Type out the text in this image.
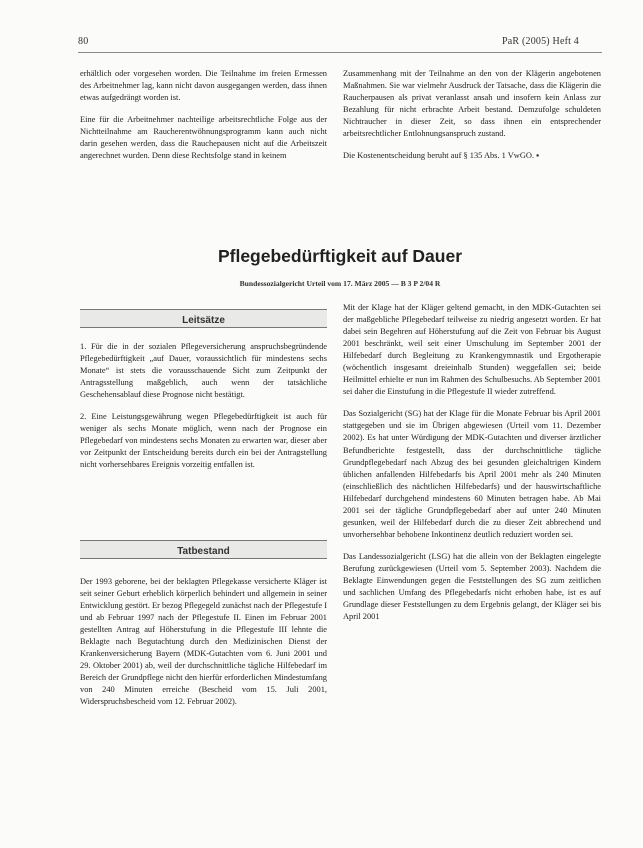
80	PaR (2005) Heft 4

erhältlich oder vorgesehen worden. Die Teilnahme im freien Ermessen des Arbeitnehmer lag, kann nicht davon ausgegangen werden, dass ihnen etwas aufgedrängt worden ist.

Eine für die Arbeitnehmer nachteilige arbeitsrechtliche Folge aus der Nichtteilnahme am Raucherentwöhnungsprogramm kann auch nicht darin gesehen werden, dass die Rauchepausen nicht auf die Arbeitszeit angerechnet wurden. Denn diese Rechtsfolge stand in keinem

Zusammenhang mit der Teilnahme an den von der Klägerin angebotenen Maßnahmen. Sie war vielmehr Ausdruck der Tatsache, dass die Klägerin die Raucherpausen als privat veranlasst ansah und insofern kein Anlass zur Bezahlung für nicht erbrachte Arbeit bestand. Demzufolge schuldeten Nichtraucher in dieser Zeit, so dass ihnen ein entsprechender arbeitsrechtlicher Entlohnungsanspruch zustand.

Die Kostenentscheidung beruht auf § 135 Abs. 1 VwGO. ▪

Pflegebedürftigkeit auf Dauer
Bundessozialgericht Urteil vom 17. März 2005 — B 3 P 2/04 R
Leitsätze

1. Für die in der sozialen Pflegeversicherung anspruchsbegründende Pflegebedürftigkeit „auf Dauer, voraussichtlich für mindestens sechs Monate“ ist stets die vorausschauende Sicht zum Zeitpunkt der Antragsstellung maßgeblich, auch wenn der tatsächliche Geschehensablauf diese Prognose nicht bestätigt.

2. Eine Leistungsgewährung wegen Pflegebedürftigkeit ist auch für weniger als sechs Monate möglich, wenn nach der Prognose ein Pflegebedarf von mindestens sechs Monaten zu erwarten war, dieser aber vor Zeitpunkt der Entscheidung bereits durch ein bei der Antragstellung nicht vorhersehbares Ereignis vorzeitig entfallen ist.

Tatbestand

Der 1993 geborene, bei der beklagten Pflegekasse versicherte Kläger ist seit seiner Geburt erheblich körperlich behindert und allgemein in seiner Entwicklung gestört. Er bezog Pflegegeld zunächst nach der Pflegestufe I und ab Februar 1997 nach der Pflegestufe II. Einen im Februar 2001 gestellten Antrag auf Höherstufung in die Pflegestufe III lehnte die Beklagte nach Begutachtung durch den Medizinischen Dienst der Krankenversicherung Bayern (MDK-Gutachten vom 6. Juni 2001 und 29. Oktober 2001) ab, weil der durchschnittliche tägliche Hilfebedarf im Bereich der Grundpflege nicht den hierfür erforderlichen Mindestumfang von 240 Minuten erreiche (Bescheid vom 15. Juli 2001, Widerspruchsbescheid vom 12. Februar 2002).

Mit der Klage hat der Kläger geltend gemacht, in den MDK-Gutachten sei der maßgebliche Pflegebedarf teilweise zu niedrig angesetzt worden. Er hat dabei sein Begehren auf Höherstufung auf die Zeit von Februar bis August 2001 beschränkt, weil seit einer Umschulung im September 2001 der Hilfebedarf durch Begleitung zu Krankengymnastik und Ergotherapie (wöchentlich insgesamt dreieinhalb Stunden) weggefallen sei; beide Heilmittel erhielte er nun im Rahmen des Schulbesuchs. Ab September 2001 sei daher die Einstufung in die Pflegestufe II wieder zutreffend.

Das Sozialgericht (SG) hat der Klage für die Monate Februar bis April 2001 stattgegeben und sie im Übrigen abgewiesen (Urteil vom 11. Dezember 2002). Es hat unter Würdigung der MDK-Gutachten und diverser ärztlicher Befundberichte festgestellt, dass der durchschnittliche tägliche Grundpflegebedarf nach Abzug des bei gesunden gleichaltrigen Kindern üblichen anfallenden Hilfebedarfs bis April 2001 mehr als 240 Minuten (einschließlich des nächtlichen Hilfebedarfs) und der hauswirtschaftliche Hilfebedarf durchgehend mindestens 60 Minuten betragen habe. Ab Mai 2001 sei der tägliche Grundpflegebedarf aber auf unter 240 Minuten gesunken, weil der Hilfebedarf durch die zu dieser Zeit abbrechend und unvorhersehbar behobene Inkontinenz deutlich reduziert worden sei.

Das Landessozialgericht (LSG) hat die allein von der Beklagten eingelegte Berufung zurückgewiesen (Urteil vom 5. September 2003). Nachdem die Beklagte Einwendungen gegen die Feststellungen des SG zum zeitlichen und sachlichen Umfang des Pflegebedarfs nicht erhoben habe, ist es auf Grundlage dieser Feststellungen zu dem Ergebnis gelangt, der Kläger sei bis April 2001
